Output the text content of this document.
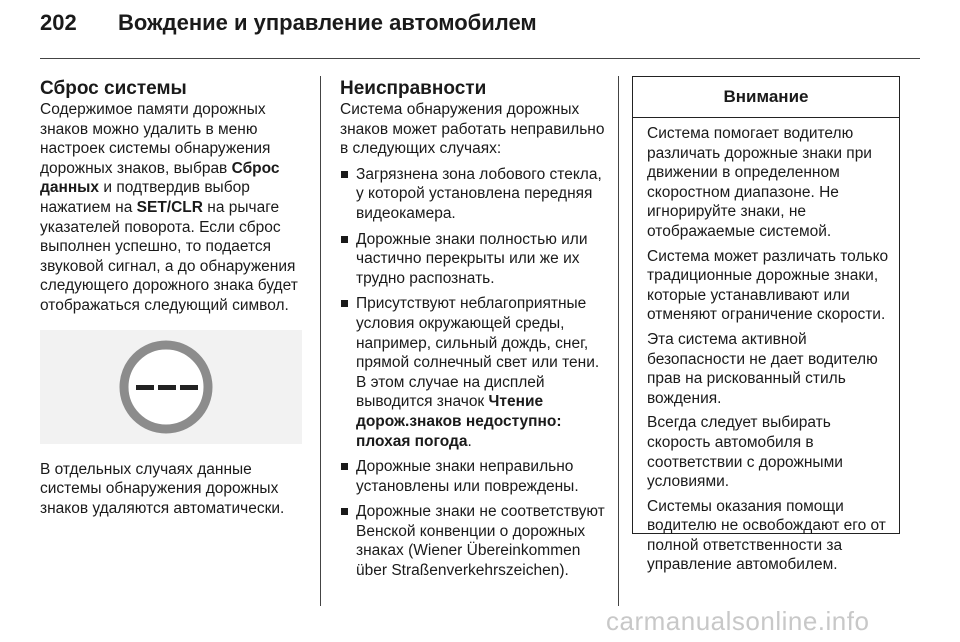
202 Вождение и управление автомобилем
Сброс системы

Содержимое памяти дорожных знаков можно удалить в меню настроек системы обнаружения дорожных знаков, выбрав Сброс данных и подтвердив выбор нажатием на SET/CLR на рычаге указателей поворота. Если сброс выполнен успешно, то подается звуковой сигнал, а до обнаружения следующего дорожного знака будет отображаться следующий символ.

В отдельных случаях данные системы обнаружения дорожных знаков удаляются автоматически.

Неисправности

Система обнаружения дорожных знаков может работать неправильно в следующих случаях:

Загрязнена зона лобового стекла, у которой установлена передняя видеокамера.
Дорожные знаки полностью или частично перекрыты или же их трудно распознать.
Присутствуют неблагоприятные условия окружающей среды, например, сильный дождь, снег, прямой солнечный свет или тени. В этом случае на дисплей выводится значок Чтение дорож.знаков недоступно: плохая погода.
Дорожные знаки неправильно установлены или повреждены.
Дорожные знаки не соответствуют Венской конвенции о дорожных знаках (Wiener Übereinkommen über Straßenverkehrszeichen).
Внимание

Система помогает водителю различать дорожные знаки при движении в определенном скоростном диапазоне. Не игнорируйте знаки, не отображаемые системой.

Система может различать только традиционные дорожные знаки, которые устанавливают или отменяют ограничение скорости.

Эта система активной безопасности не дает водителю прав на рискованный стиль вождения.

Всегда следует выбирать скорость автомобиля в соответствии с дорожными условиями.

Системы оказания помощи водителю не освобождают его от полной ответственности за управление автомобилем.

carmanualsonline.info
